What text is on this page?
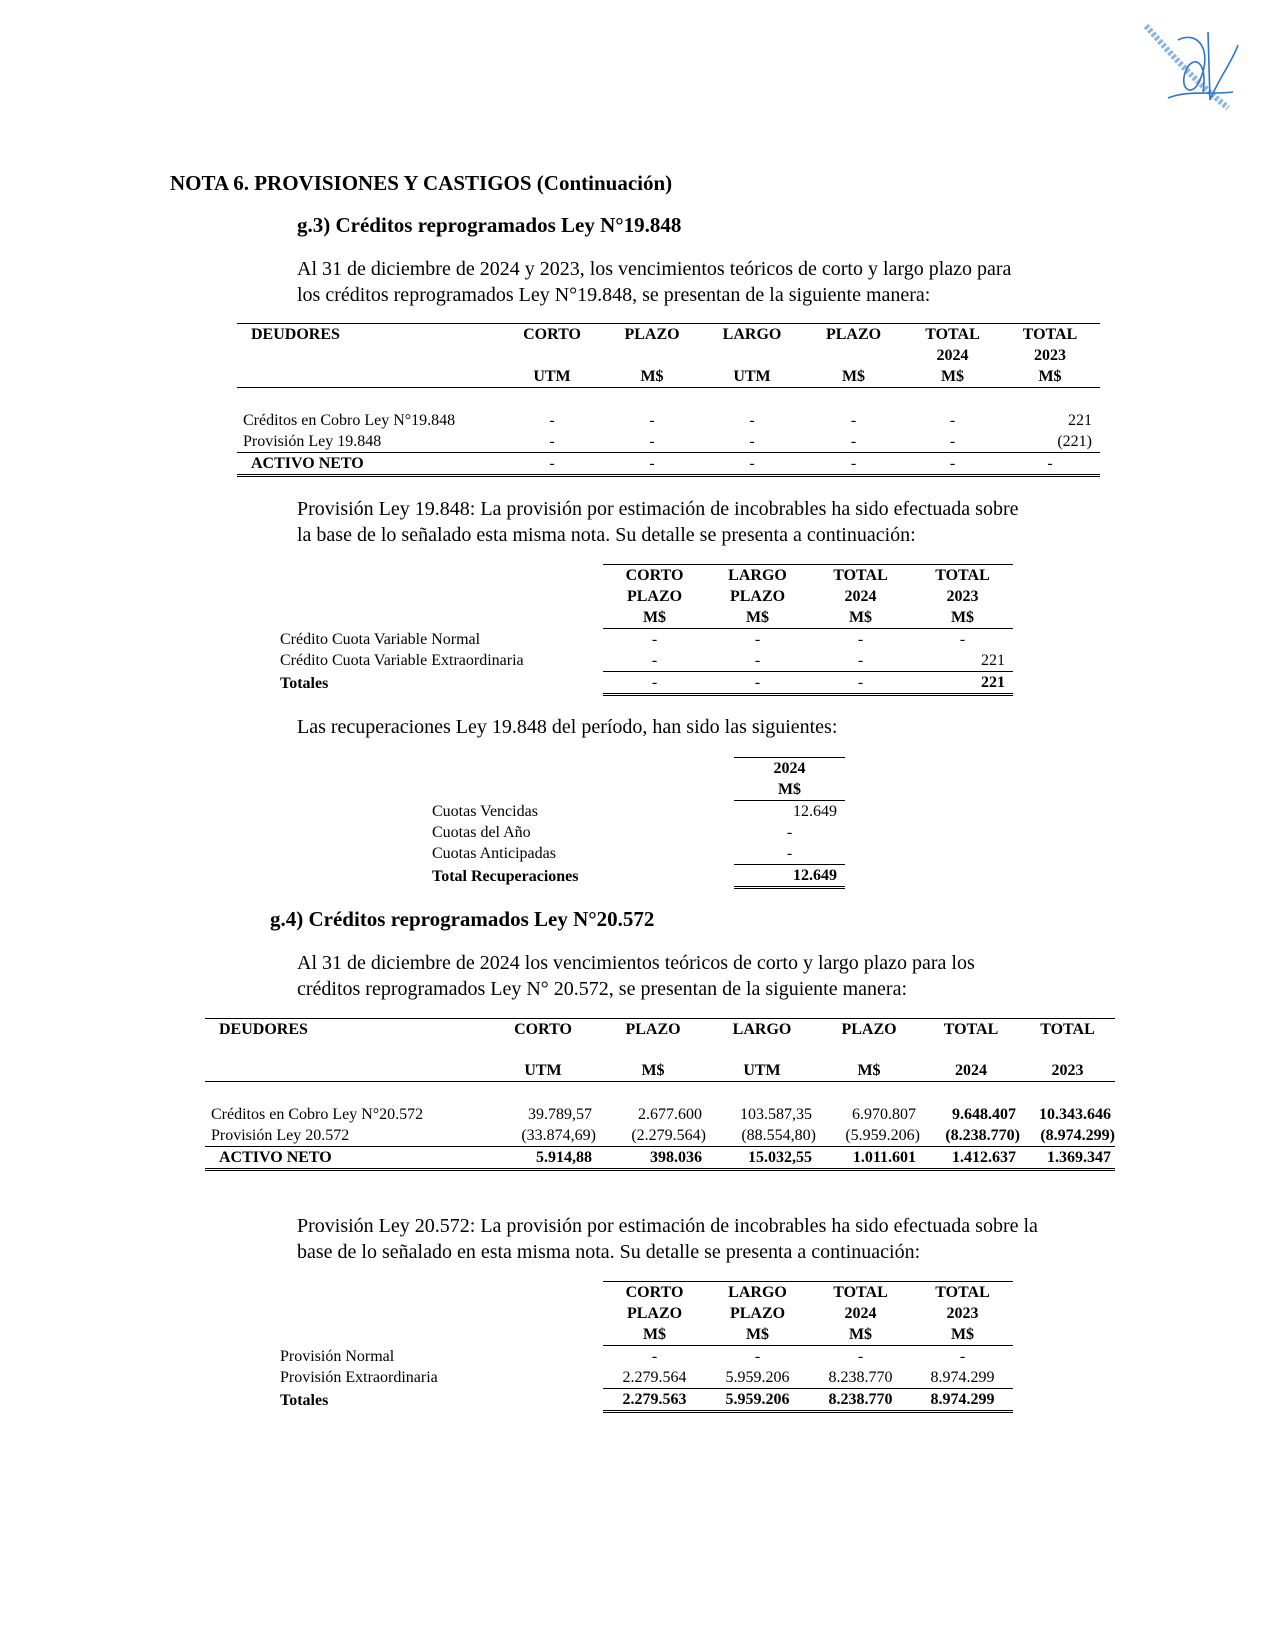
NOTA 6. PROVISIONES Y CASTIGOS (Continuación)
g.3) Créditos reprogramados Ley N°19.848
Al 31 de diciembre de 2024 y 2023, los vencimientos teóricos de corto y largo plazo para
los créditos reprogramados Ley N°19.848, se presentan de la siguiente manera:
DEUDORES	CORTO	PLAZO	LARGO	PLAZO	TOTAL	TOTAL
					2024	2023
	UTM	M$	UTM	M$	M$	M$

Créditos en Cobro Ley N°19.848	-	-	-	-	-	221
Provisión Ley 19.848	-	-	-	-	-	(221)
ACTIVO NETO	-	-	-	-	-	-
Provisión Ley 19.848: La provisión por estimación de incobrables ha sido efectuada sobre
la base de lo señalado esta misma nota. Su detalle se presenta a continuación:
	CORTO	LARGO	TOTAL	TOTAL
	PLAZO	PLAZO	2024	2023
	M$	M$	M$	M$
Crédito Cuota Variable Normal	-	-	-	-
Crédito Cuota Variable Extraordinaria	-	-	-	221
Totales	-	-	-	221
Las recuperaciones Ley 19.848 del período, han sido las siguientes:
	2024
	M$
Cuotas Vencidas	12.649
Cuotas del Año	-
Cuotas Anticipadas	-
Total Recuperaciones	12.649
g.4) Créditos reprogramados Ley N°20.572
Al 31 de diciembre de 2024 los vencimientos teóricos de corto y largo plazo para los
créditos reprogramados Ley N° 20.572, se presentan de la siguiente manera:
DEUDORES	CORTO	PLAZO	LARGO	PLAZO	TOTAL	TOTAL

	UTM	M$	UTM	M$	2024	2023

Créditos en Cobro Ley N°20.572	39.789,57	2.677.600	103.587,35	6.970.807	9.648.407	10.343.646
Provisión Ley 20.572	(33.874,69)	(2.279.564)	(88.554,80)	(5.959.206)	(8.238.770)	(8.974.299)
ACTIVO NETO	5.914,88	398.036	15.032,55	1.011.601	1.412.637	1.369.347
Provisión Ley 20.572: La provisión por estimación de incobrables ha sido efectuada sobre la
base de lo señalado en esta misma nota. Su detalle se presenta a continuación:
	CORTO	LARGO	TOTAL	TOTAL
	PLAZO	PLAZO	2024	2023
	M$	M$	M$	M$
Provisión Normal	-	-	-	-
Provisión Extraordinaria	2.279.564	5.959.206	8.238.770	8.974.299
Totales	2.279.563	5.959.206	8.238.770	8.974.299
